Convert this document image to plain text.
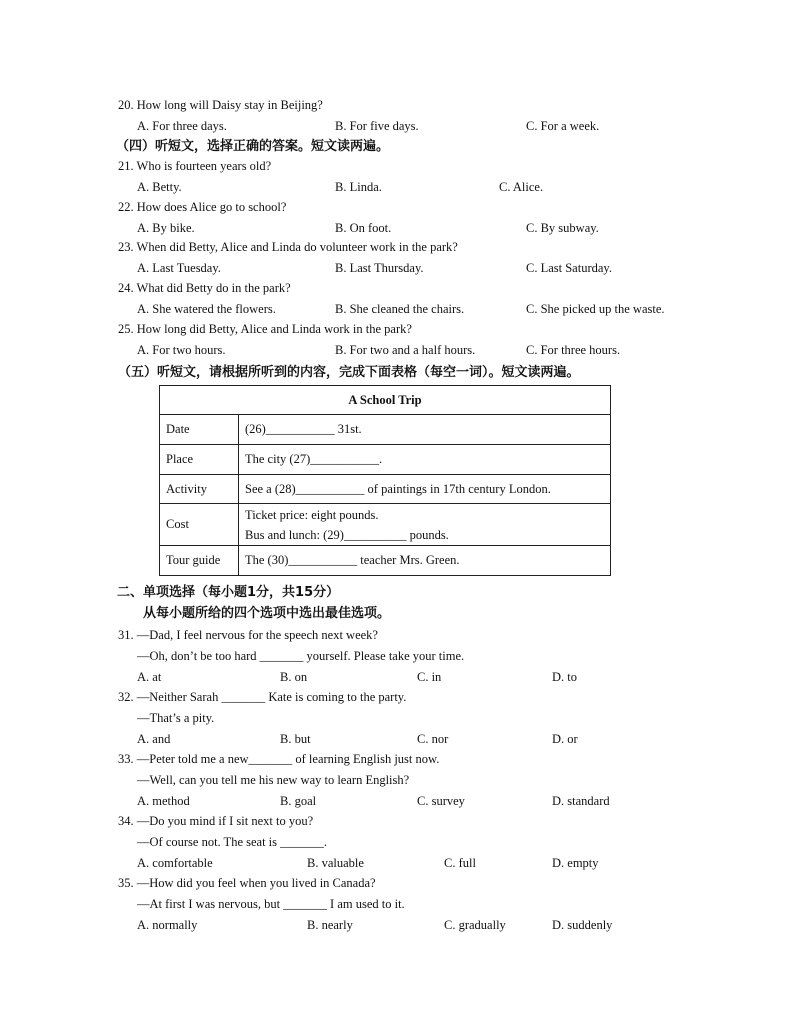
20. How long will Daisy stay in Beijing?
A. For three days.	B. For five days.	C. For a week.
（四）听短文，选择正确的答案。短文读两遍。
21. Who is fourteen years old?
A. Betty.	B. Linda.	C. Alice.
22. How does Alice go to school?
A. By bike.	B. On foot.	C. By subway.
23. When did Betty, Alice and Linda do volunteer work in the park?
A. Last Tuesday.	B. Last Thursday.	C. Last Saturday.
24. What did Betty do in the park?
A. She watered the flowers.	B. She cleaned the chairs.	C. She picked up the waste.
25. How long did Betty, Alice and Linda work in the park?
A. For two hours.	B. For two and a half hours.	C. For three hours.
（五）听短文，请根据所听到的内容，完成下面表格（每空一词）。短文读两遍。
A School Trip	
Date	(26)___________ 31st.
Place	The city (27)___________.
Activity	See a (28)___________ of paintings in 17th century London.
Cost	Ticket price: eight pounds.
Bus and lunch: (29)__________ pounds.

Tour guide	The (30)___________ teacher Mrs. Green.
二、单项选择（每小题1分，共15分）
从每小题所给的四个选项中选出最佳选项。
31. —Dad, I feel nervous for the speech next week?
—Oh, don’t be too hard _______ yourself. Please take your time.
A. at	B. on	C. in	D. to
32. —Neither Sarah _______ Kate is coming to the party.
—That’s a pity.
A. and	B. but	C. nor	D. or
33. —Peter told me a new_______ of learning English just now.
—Well, can you tell me his new way to learn English?
A. method	B. goal	C. survey	D. standard
34. —Do you mind if I sit next to you?
—Of course not. The seat is _______.
A. comfortable	B. valuable	C. full	D. empty
35. —How did you feel when you lived in Canada?
—At first I was nervous, but _______ I am used to it.
A. normally	B. nearly	C. gradually	D. suddenly
